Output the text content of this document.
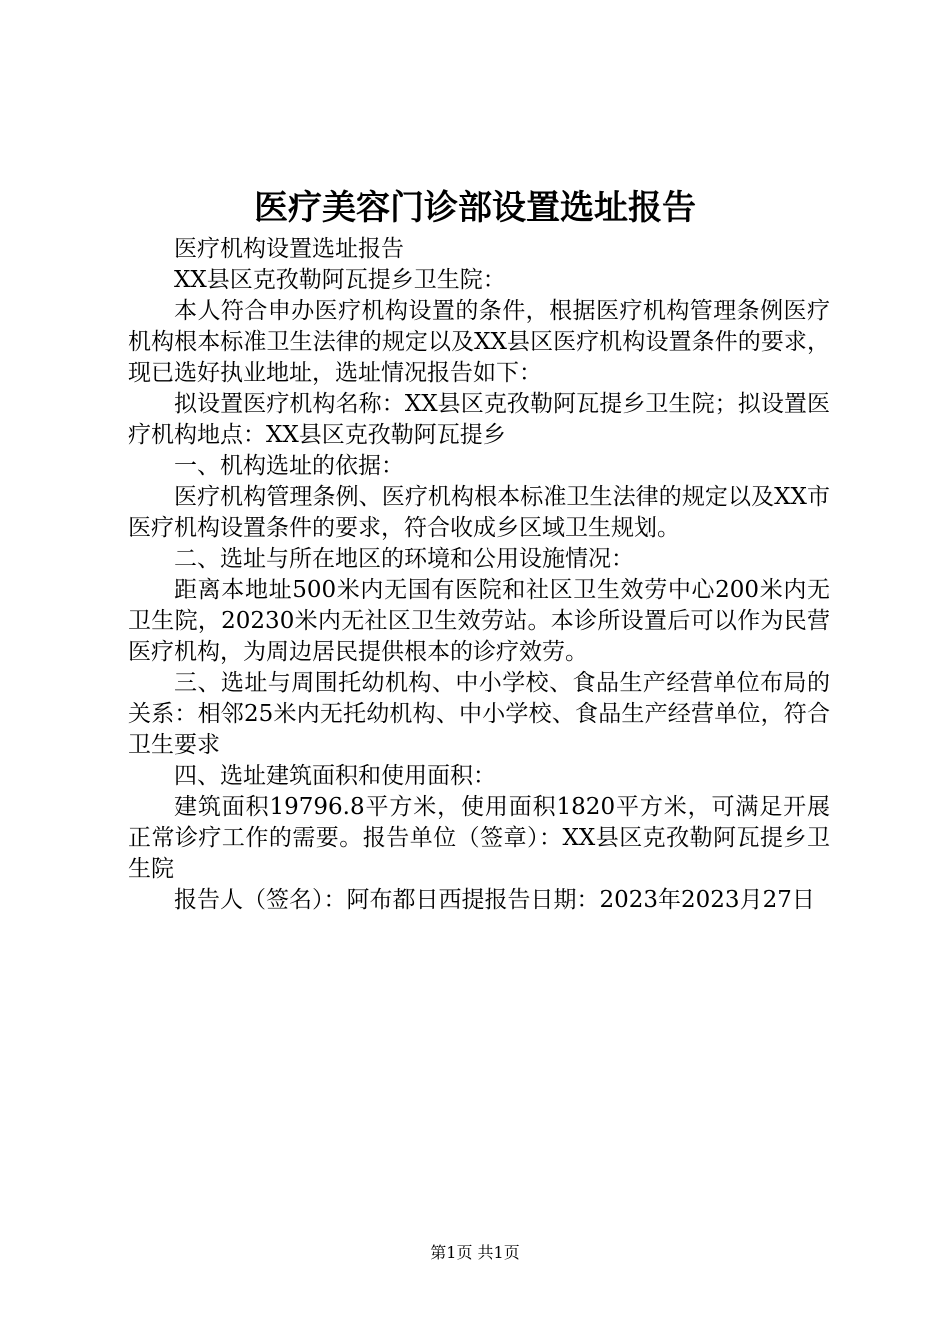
医疗美容门诊部设置选址报告

医疗机构设置选址报告

XX县区克孜勒阿瓦提乡卫生院：

本人符合申办医疗机构设置的条件，根据医疗机构管理条例医疗机构根本标准卫生法律的规定以及XX县区医疗机构设置条件的要求，现已选好执业地址，选址情况报告如下：

拟设置医疗机构名称：XX县区克孜勒阿瓦提乡卫生院；拟设置医疗机构地点：XX县区克孜勒阿瓦提乡

一、机构选址的依据：

医疗机构管理条例、医疗机构根本标准卫生法律的规定以及XX市医疗机构设置条件的要求，符合收成乡区域卫生规划。

二、选址与所在地区的环境和公用设施情况：

距离本地址500米内无国有医院和社区卫生效劳中心200米内无卫生院，20230米内无社区卫生效劳站。本诊所设置后可以作为民营医疗机构，为周边居民提供根本的诊疗效劳。

三、选址与周围托幼机构、中小学校、食品生产经营单位布局的关系：相邻25米内无托幼机构、中小学校、食品生产经营单位，符合卫生要求

四、选址建筑面积和使用面积：

建筑面积19796.8平方米，使用面积1820平方米，可满足开展正常诊疗工作的需要。报告单位（签章）：XX县区克孜勒阿瓦提乡卫生院

报告人（签名）：阿布都日西提报告日期：2023年2023月27日

第1页 共1页
